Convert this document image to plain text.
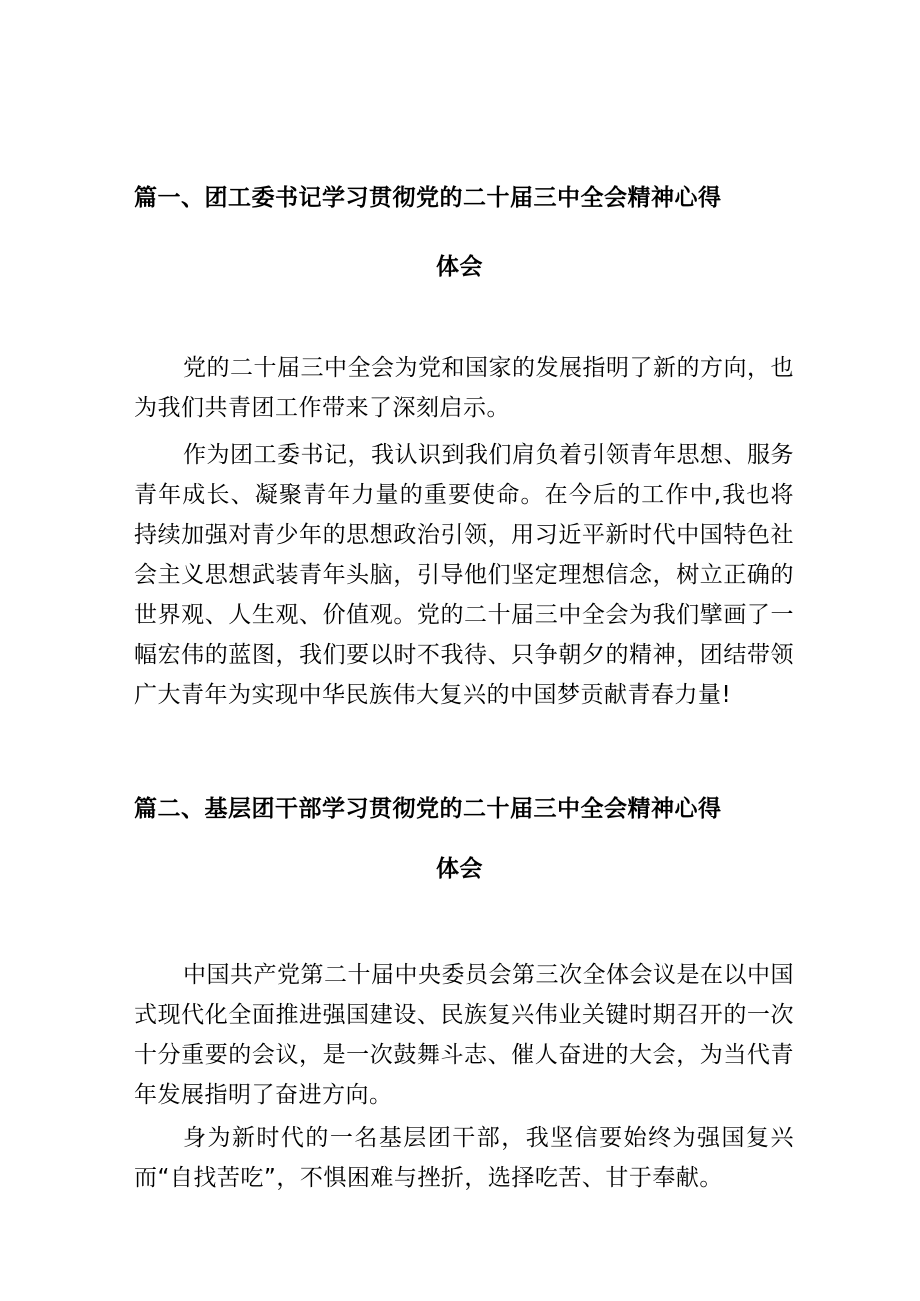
篇一、团工委书记学习贯彻党的二十届三中全会精神心得
体会

党的二十届三中全会为党和国家的发展指明了新的方向，也为我们共青团工作带来了深刻启示。

作为团工委书记，我认识到我们肩负着引领青年思想、服务青年成长、凝聚青年力量的重要使命。在今后的工作中,我也将持续加强对青少年的思想政治引领，用习近平新时代中国特色社会主义思想武装青年头脑，引导他们坚定理想信念，树立正确的世界观、人生观、价值观。党的二十届三中全会为我们擘画了一幅宏伟的蓝图，我们要以时不我待、只争朝夕的精神，团结带领广大青年为实现中华民族伟大复兴的中国梦贡献青春力量!

篇二、基层团干部学习贯彻党的二十届三中全会精神心得
体会

中国共产党第二十届中央委员会第三次全体会议是在以中国式现代化全面推进强国建设、民族复兴伟业关键时期召开的一次十分重要的会议，是一次鼓舞斗志、催人奋进的大会，为当代青年发展指明了奋进方向。

身为新时代的一名基层团干部，我坚信要始终为强国复兴而“自找苦吃”，不惧困难与挫折，选择吃苦、甘于奉献。
